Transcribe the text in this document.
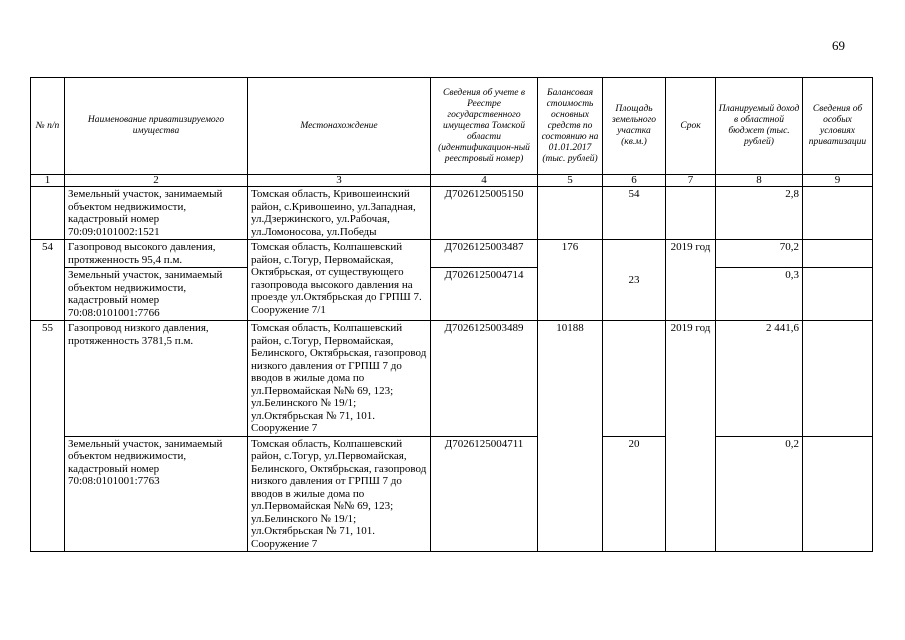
69
№ п/п	Наименование приватизируемого имущества	Местонахождение	Сведения об учете в Реестре государственного имущества Томской области (идентификацион-ный реестровый номер)	Балансовая стоимость основных средств по состоянию на 01.01.2017 (тыс. рублей)	Площадь земельного участка (кв.м.)	Срок	Планируемый доход в областной бюджет (тыс. рублей)	Сведения об особых условиях приватизации
1	2	3	4	5	6	7	8	9
	Земельный участок, занимаемый объектом недвижимости, кадастровый номер 70:09:0101002:1521	Томская область, Кривошеинский район, с.Кривошеино, ул.Западная, ул.Дзержинского, ул.Рабочая, ул.Ломоносова, ул.Победы	Д7026125005150		54		2,8	
54	Газопровод высокого давления, протяженность 95,4 п.м.	Томская область, Колпашевский район, с.Тогур, Первомайская, Октябрьская, от существующего газопровода высокого давления на проезде ул.Октябрьская до ГРПШ 7. Сооружение 7/1	Д7026125003487	176	23	2019 год	70,2	
	Земельный участок, занимаемый объектом недвижимости, кадастровый номер 70:08:0101001:7766		Д7026125004714				0,3	
55	Газопровод низкого давления, протяженность 3781,5 п.м.	Томская область, Колпашевский район, с.Тогур, Первомайская, Белинского, Октябрьская, газопровод низкого давления от ГРПШ 7 до вводов в жилые дома по ул.Первомайская №№ 69, 123; ул.Белинского № 19/1; ул.Октябрьская № 71, 101. Сооружение 7	Д7026125003489	10188		2019 год	2 441,6	
	Земельный участок, занимаемый объектом недвижимости, кадастровый номер 70:08:0101001:7763	Томская область, Колпашевский район, с.Тогур, ул.Первомайская, Белинского, Октябрьская, газопровод низкого давления от ГРПШ 7 до вводов в жилые дома по ул.Первомайская №№ 69, 123; ул.Белинского № 19/1; ул.Октябрьская № 71, 101. Сооружение 7	Д7026125004711		20		0,2	
